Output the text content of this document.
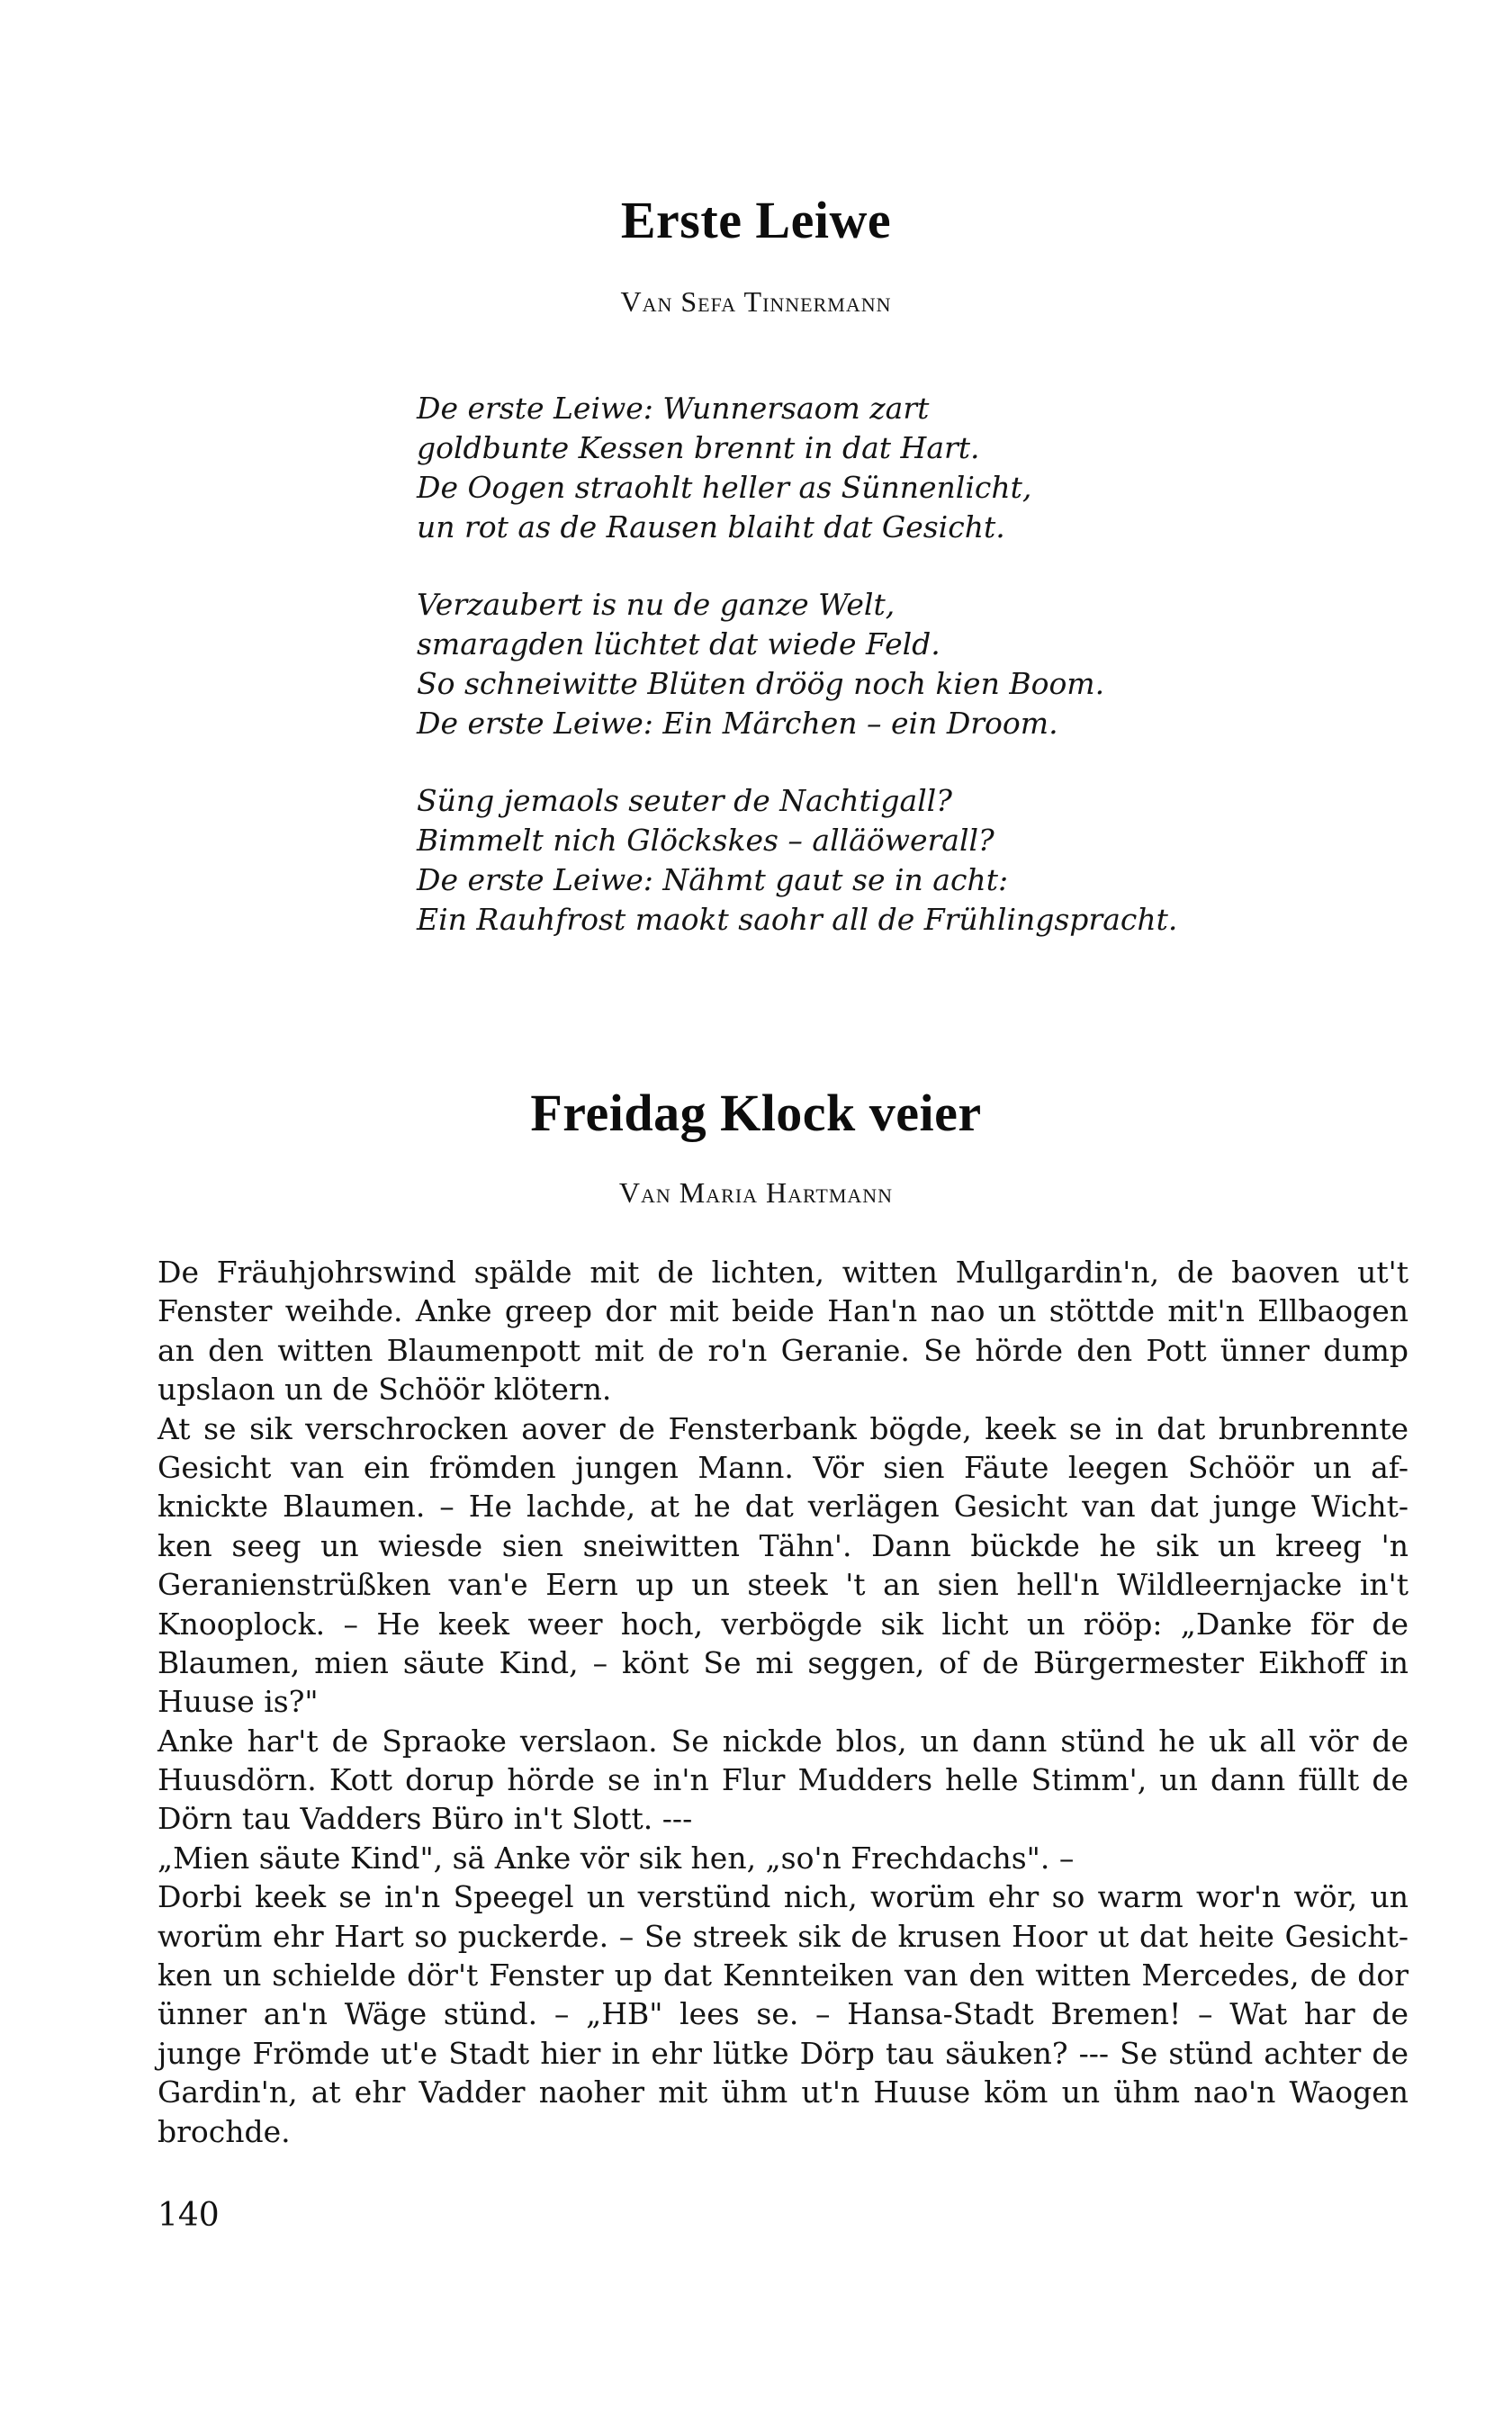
Erste Leiwe
Van Sefa Tinnermann
De erste Leiwe: Wunnersaom zart
goldbunte Kessen brennt in dat Hart.
De Oogen straohlt heller as Sünnenlicht,
un rot as de Rausen blaiht dat Gesicht.
Verzaubert is nu de ganze Welt,
smaragden lüchtet dat wiede Feld.
So schneiwitte Blüten dröög noch kien Boom.
De erste Leiwe: Ein Märchen – ein Droom.
Süng jemaols seuter de Nachtigall?
Bimmelt nich Glöckskes – alläöwerall?
De erste Leiwe: Nähmt gaut se in acht:
Ein Rauhfrost maokt saohr all de Frühlingspracht.
Freidag Klock veier
Van Maria Hartmann
De Fräuhjohrswind spälde mit de lichten, witten Mullgardin'n, de baoven ut't
Fenster weihde. Anke greep dor mit beide Han'n nao un stöttde mit'n Ellbaogen
an den witten Blaumenpott mit de ro'n Geranie. Se hörde den Pott ünner dump
upslaon un de Schöör klötern.
At se sik verschrocken aover de Fensterbank bögde, keek se in dat brunbrennte
Gesicht van ein frömden jungen Mann. Vör sien Fäute leegen Schöör un af-
knickte Blaumen. – He lachde, at he dat verlägen Gesicht van dat junge Wicht-
ken seeg un wiesde sien sneiwitten Tähn'. Dann bückde he sik un kreeg 'n
Geranienstrüßken van'e Eern up un steek 't an sien hell'n Wildleernjacke in't
Knooplock. – He keek weer hoch, verbögde sik licht un rööp: „Danke för de
Blaumen, mien säute Kind, – könt Se mi seggen, of de Bürgermester Eikhoff in
Huuse is?"
Anke har't de Spraoke verslaon. Se nickde blos, un dann stünd he uk all vör de
Huusdörn. Kott dorup hörde se in'n Flur Mudders helle Stimm', un dann füllt de
Dörn tau Vadders Büro in't Slott. ---
„Mien säute Kind", sä Anke vör sik hen, „so'n Frechdachs". –
Dorbi keek se in'n Speegel un verstünd nich, worüm ehr so warm wor'n wör, un
worüm ehr Hart so puckerde. – Se streek sik de krusen Hoor ut dat heite Gesicht-
ken un schielde dör't Fenster up dat Kennteiken van den witten Mercedes, de dor
ünner an'n Wäge stünd. – „HB" lees se. – Hansa-Stadt Bremen! – Wat har de
junge Frömde ut'e Stadt hier in ehr lütke Dörp tau säuken? --- Se stünd achter de
Gardin'n, at ehr Vadder naoher mit ühm ut'n Huuse köm un ühm nao'n Waogen
brochde.
140
